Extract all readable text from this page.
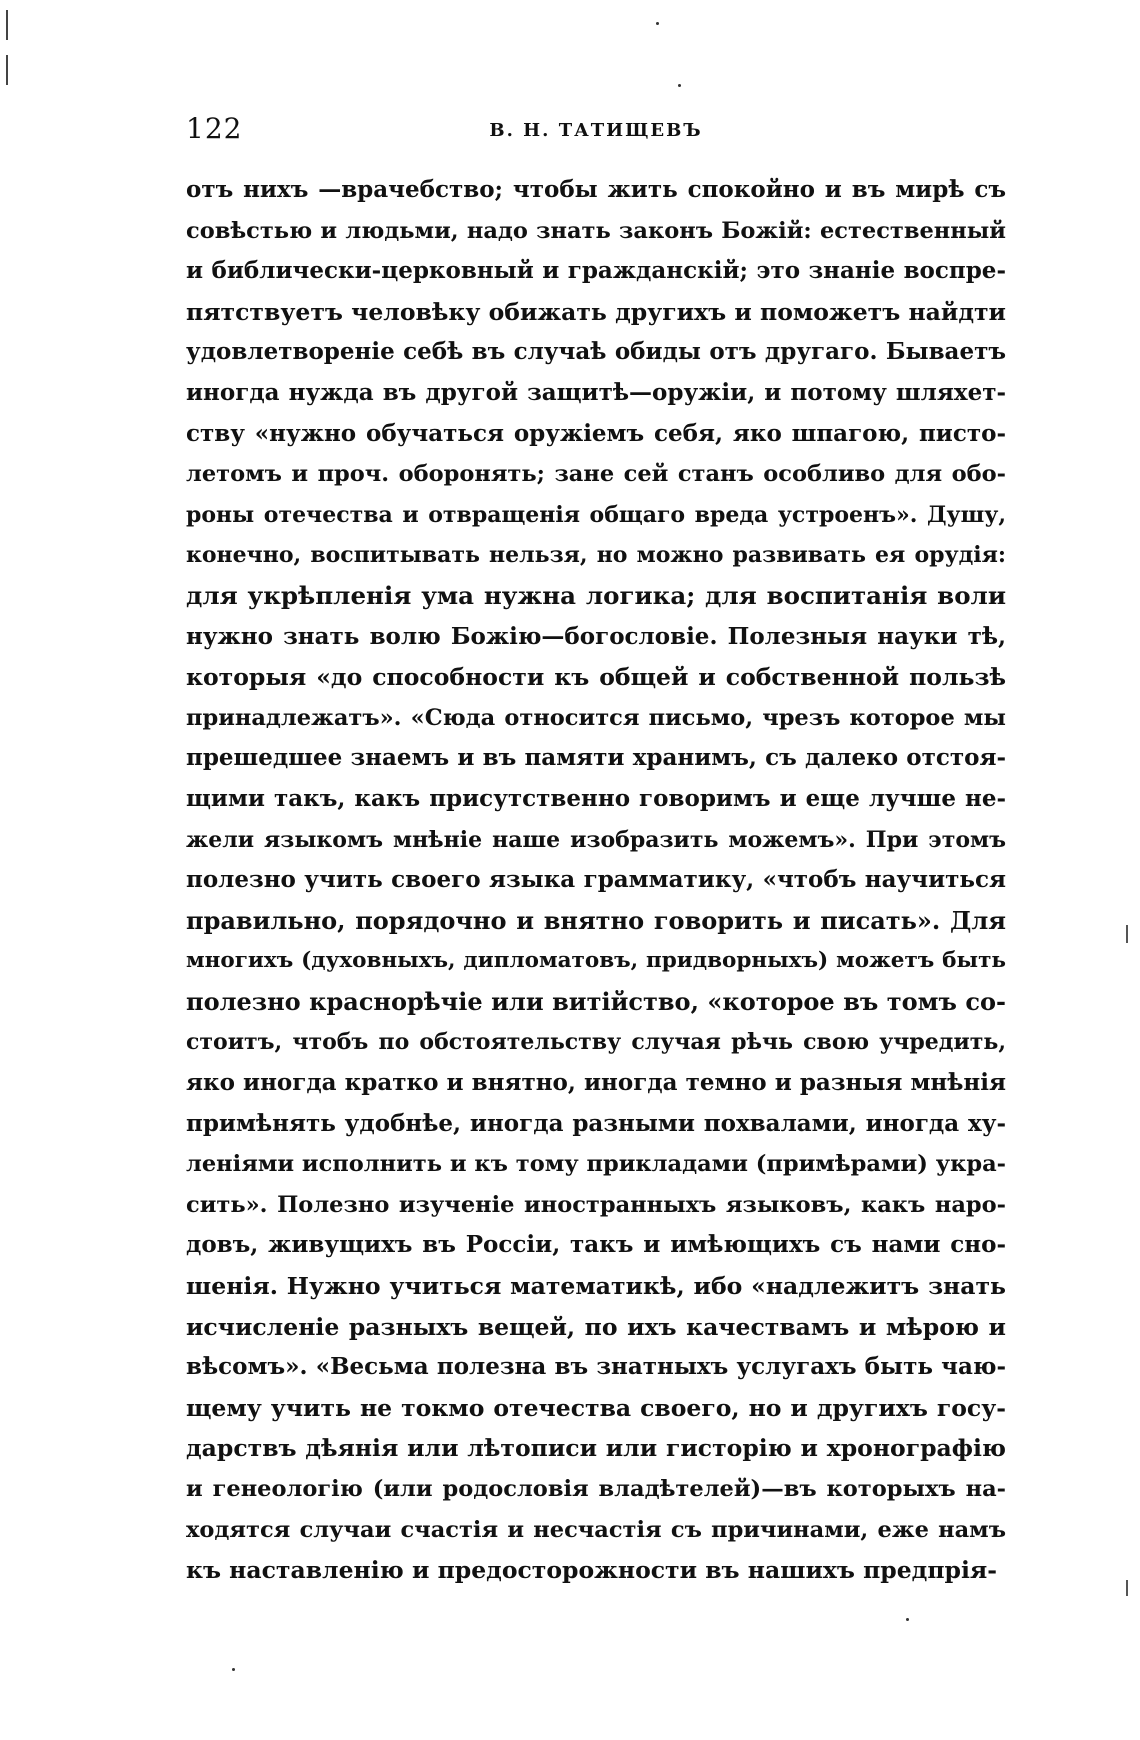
122	В. Н. ТАТИЩЕВЪ
отъ нихъ —врачебство; чтобы жить спокойно и въ мирѣ съ
совѣстью и людьми, надо знать законъ Божій: естественный
и библически-церковный и гражданскій; это знаніе воспре-
пятствуетъ человѣку обижать другихъ и поможетъ найдти
удовлетвореніе себѣ въ случаѣ обиды отъ другаго. Бываетъ
иногда нужда въ другой защитѣ—оружіи, и потому шляхет-
ству «нужно обучаться оружіемъ себя, яко шпагою, писто-
летомъ и проч. оборонять; зане сей станъ особливо для обо-
роны отечества и отвращенія общаго вреда устроенъ». Душу,
конечно, воспитывать нельзя, но можно развивать ея орудія:
для укрѣпленія ума нужна логика; для воспитанія воли
нужно знать волю Божію—богословіе. Полезныя науки тѣ,
которыя «до способности къ общей и собственной пользѣ
принадлежатъ». «Сюда относится письмо, чрезъ которое мы
прешедшее знаемъ и въ памяти хранимъ, съ далеко отстоя-
щими такъ, какъ присутственно говоримъ и еще лучше не-
жели языкомъ мнѣніе наше изобразить можемъ». При этомъ
полезно учить своего языка грамматику, «чтобъ научиться
правильно, порядочно и внятно говорить и писать». Для
многихъ (духовныхъ, дипломатовъ, придворныхъ) можетъ быть
полезно краснорѣчіе или витійство, «которое въ томъ со-
стоитъ, чтобъ по обстоятельству случая рѣчь свою учредить,
яко иногда кратко и внятно, иногда темно и разныя мнѣнія
примѣнять удобнѣе, иногда разными похвалами, иногда ху-
леніями исполнить и къ тому прикладами (примѣрами) укра-
сить». Полезно изученіе иностранныхъ языковъ, какъ наро-
довъ, живущихъ въ Россіи, такъ и имѣющихъ съ нами сно-
шенія. Нужно учиться математикѣ, ибо «надлежитъ знать
исчисленіе разныхъ вещей, по ихъ качествамъ и мѣрою и
вѣсомъ». «Весьма полезна въ знатныхъ услугахъ быть чаю-
щему учить не токмо отечества своего, но и другихъ госу-
дарствъ дѣянія или лѣтописи или гисторію и хронографію
и генеологію (или родословія владѣтелей)—въ которыхъ на-
ходятся случаи счастія и несчастія съ причинами, еже намъ
къ наставленію и предосторожности въ нашихъ предпрія-
